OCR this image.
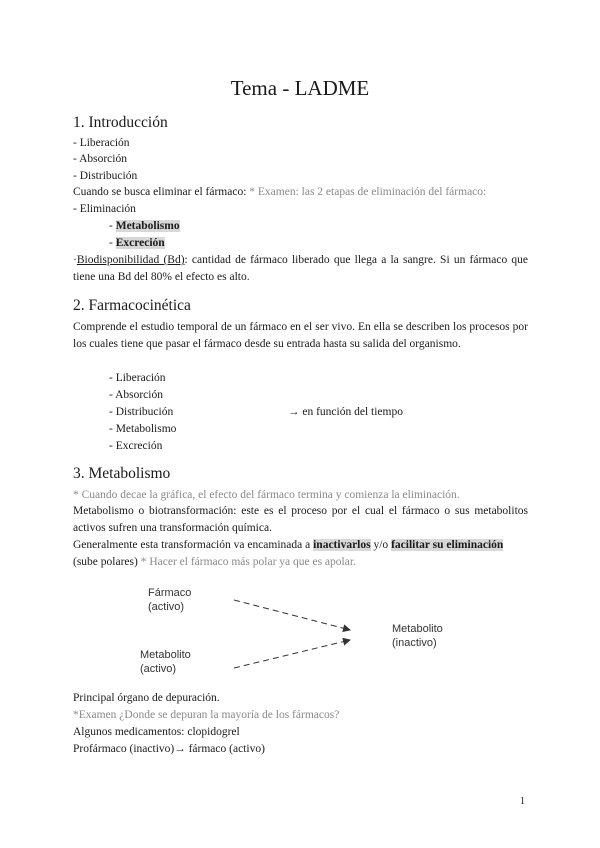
Tema - LADME
1. Introducción
- Liberación
- Absorción
- Distribución
Cuando se busca eliminar el fármaco: * Examen: las 2 etapas de eliminación del fármaco:
- Eliminación
- Metabolismo
- Excreción

·Biodisponibilidad (Bd): cantidad de fármaco liberado que llega a la sangre. Si un fármaco que tiene una Bd del 80% el efecto es alto.

2. Farmacocinética

Comprende el estudio temporal de un fármaco en el ser vivo. En ella se describen los procesos por los cuales tiene que pasar el fármaco desde su entrada hasta su salida del organismo.

- Liberación
- Absorción
- Distribución	→ en función del tiempo
- Metabolismo
- Excreción
3. Metabolismo
* Cuando decae la gráfica, el efecto del fármaco termina y comienza la eliminación.

Metabolismo o biotransformación: este es el proceso por el cual el fármaco o sus metabolitos activos sufren una transformación química.

Generalmente esta transformación va encaminada a inactivarlos y/o facilitar su eliminación
(sube polares) * Hacer el fármaco más polar ya que es apolar.
Fármaco
(activo)
Metabolito
(activo)
Metabolito
(inactivo)
Principal órgano de depuración.
*Examen ¿Donde se depuran la mayoría de los fármacos?
Algunos medicamentos: clopidogrel
Profármaco (inactivo)→ fármaco (activo)
1
